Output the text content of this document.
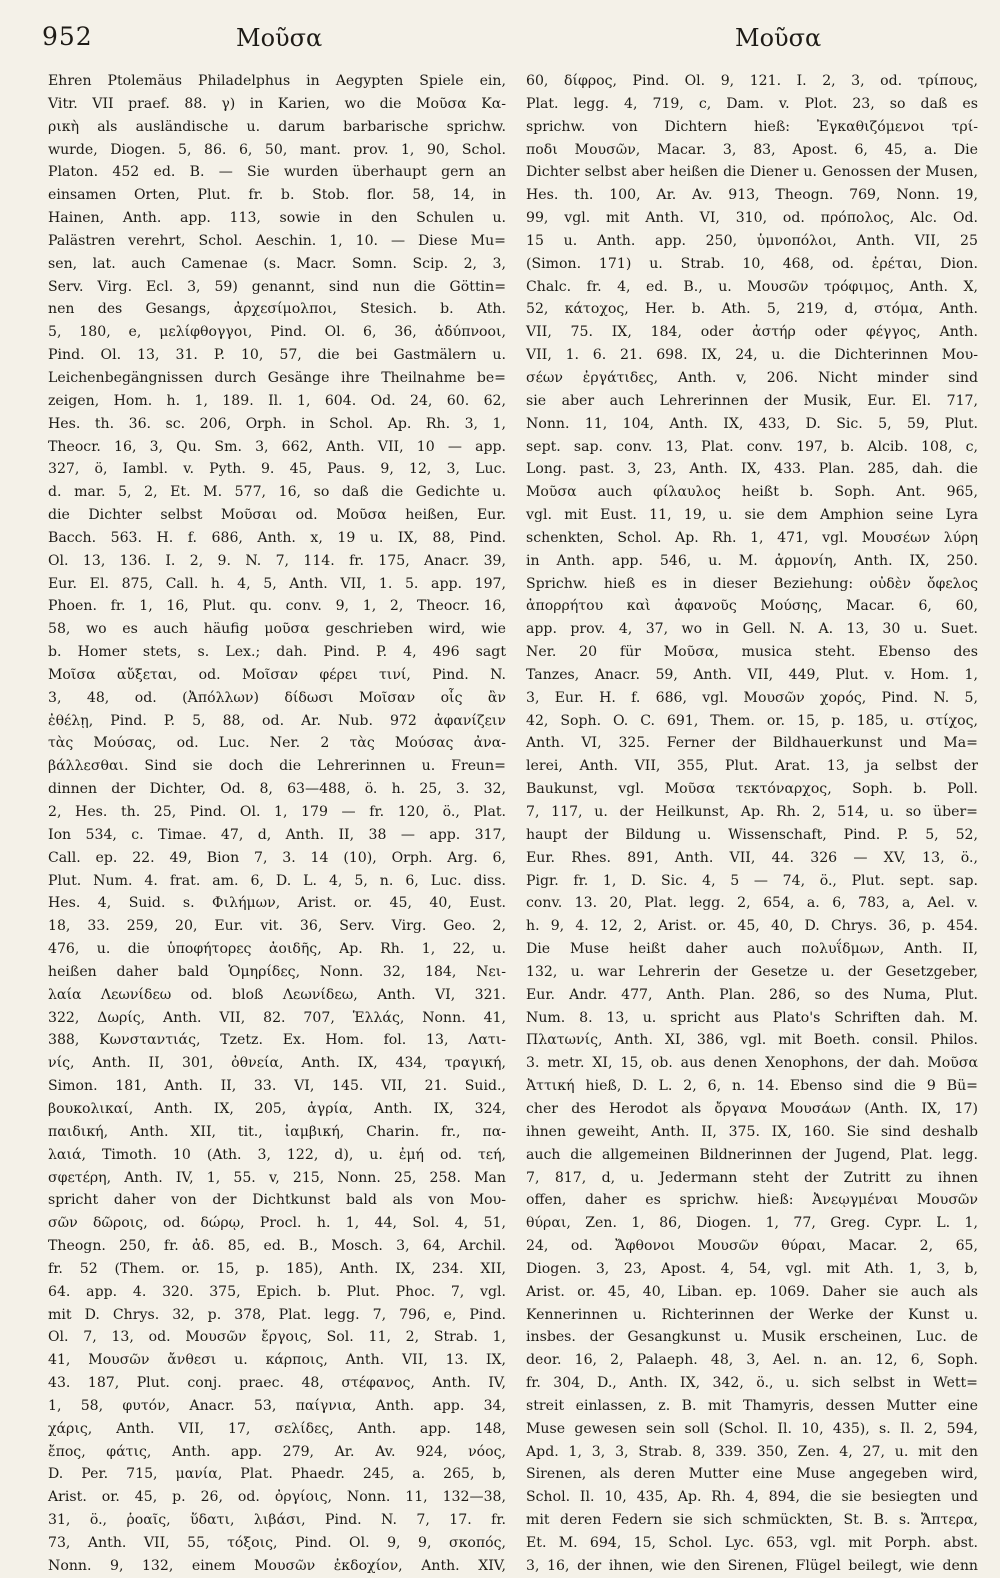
952	Μοῦσα	Μοῦσα
Ehren Ptolemäus Philadelphus in Aegypten Spiele ein,
Vitr. VII praef. 88. γ) in Karien, wo die Μοῦσα Κα-
ρικὴ als ausländische u. darum barbarische sprichw.
wurde, Diogen. 5, 86. 6, 50, mant. prov. 1, 90, Schol.
Platon. 452 ed. B. — Sie wurden überhaupt gern an
einsamen Orten, Plut. fr. b. Stob. flor. 58, 14, in
Hainen, Anth. app. 113, sowie in den Schulen u.
Palästren verehrt, Schol. Aeschin. 1, 10. — Diese Mu=
sen, lat. auch Camenae (s. Macr. Somn. Scip. 2, 3,
Serv. Virg. Ecl. 3, 59) genannt, sind nun die Göttin=
nen des Gesangs, ἀρχεσίμολποι, Stesich. b. Ath.
5, 180, e, μελίφθογγοι, Pind. Ol. 6, 36, ἀδύπνοοι,
Pind. Ol. 13, 31. P. 10, 57, die bei Gastmälern u.
Leichenbegängnissen durch Gesänge ihre Theilnahme be=
zeigen, Hom. h. 1, 189. Il. 1, 604. Od. 24, 60. 62,
Hes. th. 36. sc. 206, Orph. in Schol. Ap. Rh. 3, 1,
Theocr. 16, 3, Qu. Sm. 3, 662, Anth. VII, 10 — app.
327, ö, Iambl. v. Pyth. 9. 45, Paus. 9, 12, 3, Luc.
d. mar. 5, 2, Et. M. 577, 16, so daß die Gedichte u.
die Dichter selbst Μοῦσαι od. Μοῦσα heißen, Eur.
Bacch. 563. H. f. 686, Anth. x, 19 u. IX, 88, Pind.
Ol. 13, 136. I. 2, 9. N. 7, 114. fr. 175, Anacr. 39,
Eur. El. 875, Call. h. 4, 5, Anth. VII, 1. 5. app. 197,
Phoen. fr. 1, 16, Plut. qu. conv. 9, 1, 2, Theocr. 16,
58, wo es auch häufig μοῦσα geschrieben wird, wie
b. Homer stets, s. Lex.; dah. Pind. P. 4, 496 sagt
Μοῖσα αὔξεται, od. Μοῖσαν φέρει τινί, Pind. N.
3, 48, od. (Ἀπόλλων) δίδωσι Μοῖσαν οἷς ἂν
ἐθέλῃ, Pind. P. 5, 88, od. Ar. Nub. 972 ἀφανίζειν
τὰς Μούσας, od. Luc. Ner. 2 τὰς Μούσας ἀνα-
βάλλεσθαι. Sind sie doch die Lehrerinnen u. Freun=
dinnen der Dichter, Od. 8, 63—488, ö. h. 25, 3. 32,
2, Hes. th. 25, Pind. Ol. 1, 179 — fr. 120, ö., Plat.
Ion 534, c. Timae. 47, d, Anth. II, 38 — app. 317,
Call. ep. 22. 49, Bion 7, 3. 14 (10), Orph. Arg. 6,
Plut. Num. 4. frat. am. 6, D. L. 4, 5, n. 6, Luc. diss.
Hes. 4, Suid. s. Φιλήμων, Arist. or. 45, 40, Eust.
18, 33. 259, 20, Eur. vit. 36, Serv. Virg. Geo. 2,
476, u. die ὑποφήτορες ἀοιδῆς, Ap. Rh. 1, 22, u.
heißen daher bald Ὁμηρίδες, Nonn. 32, 184, Νει-
λαία Λεωνίδεω od. bloß Λεωνίδεω, Anth. VI, 321.
322, Δωρίς, Anth. VII, 82. 707, Ἑλλάς, Nonn. 41,
388, Κωνσταντιάς, Tzetz. Ex. Hom. fol. 13, Λατι-
νίς, Anth. II, 301, ὀθνεία, Anth. IX, 434, τραγική,
Simon. 181, Anth. II, 33. VI, 145. VII, 21. Suid.,
βουκολικαί, Anth. IX, 205, ἀγρία, Anth. IX, 324,
παιδική, Anth. XII, tit., ἰαμβική, Charin. fr., πα-
λαιά, Timoth. 10 (Ath. 3, 122, d), u. ἐμή od. τεή,
σφετέρη, Anth. IV, 1, 55. v, 215, Nonn. 25, 258. Man
spricht daher von der Dichtkunst bald als von Μου-
σῶν δῶροις, od. δώρῳ, Procl. h. 1, 44, Sol. 4, 51,
Theogn. 250, fr. ἀδ. 85, ed. B., Mosch. 3, 64, Archil.
fr. 52 (Them. or. 15, p. 185), Anth. IX, 234. XII,
64. app. 4. 320. 375, Epich. b. Plut. Phoc. 7, vgl.
mit D. Chrys. 32, p. 378, Plat. legg. 7, 796, e, Pind.
Ol. 7, 13, od. Μουσῶν ἔργοις, Sol. 11, 2, Strab. 1,
41, Μουσῶν ἄνθεσι u. κάρποις, Anth. VII, 13. IX,
43. 187, Plut. conj. praec. 48, στέφανος, Anth. IV,
1, 58, φυτόν, Anacr. 53, παίγνια, Anth. app. 34,
χάρις, Anth. VII, 17, σελίδες, Anth. app. 148,
ἔπος, φάτις, Anth. app. 279, Ar. Av. 924, νόος,
D. Per. 715, μανία, Plat. Phaedr. 245, a. 265, b,
Arist. or. 45, p. 26, od. ὀργίοις, Nonn. 11, 132—38,
31, ö., ῥοαῖς, ὕδατι, λιβάσι, Pind. N. 7, 17. fr.
73, Anth. VII, 55, τόξοις, Pind. Ol. 9, 9, σκοπός,
Nonn. 9, 132, einem Μουσῶν ἐκδοχίον, Anth. XIV,
60, δίφρος, Pind. Ol. 9, 121. I. 2, 3, od. τρίπους,
Plat. legg. 4, 719, c, Dam. v. Plot. 23, so daß es
sprichw. von Dichtern hieß: Ἐγκαθιζόμενοι τρί-
ποδι Μουσῶν, Macar. 3, 83, Apost. 6, 45, a. Die
Dichter selbst aber heißen die Diener u. Genossen der Musen,
Hes. th. 100, Ar. Av. 913, Theogn. 769, Nonn. 19,
99, vgl. mit Anth. VI, 310, od. πρόπολος, Alc. Od.
15 u. Anth. app. 250, ὑμνοπόλοι, Anth. VII, 25
(Simon. 171) u. Strab. 10, 468, od. ἐρέται, Dion.
Chalc. fr. 4, ed. B., u. Μουσῶν τρόφιμος, Anth. X,
52, κάτοχος, Her. b. Ath. 5, 219, d, στόμα, Anth.
VII, 75. IX, 184, oder ἀστήρ oder φέγγος, Anth.
VII, 1. 6. 21. 698. IX, 24, u. die Dichterinnen Μου-
σέων ἐργάτιδες, Anth. v, 206. Nicht minder sind
sie aber auch Lehrerinnen der Musik, Eur. El. 717,
Nonn. 11, 104, Anth. IX, 433, D. Sic. 5, 59, Plut.
sept. sap. conv. 13, Plat. conv. 197, b. Alcib. 108, c,
Long. past. 3, 23, Anth. IX, 433. Plan. 285, dah. die
Μοῦσα auch φίλαυλος heißt b. Soph. Ant. 965,
vgl. mit Eust. 11, 19, u. sie dem Amphion seine Lyra
schenkten, Schol. Ap. Rh. 1, 471, vgl. Μουσέων λύρη
in Anth. app. 546, u. M. ἁρμονίη, Anth. IX, 250.
Sprichw. hieß es in dieser Beziehung: οὐδὲν ὄφελος
ἀπορρήτου καὶ ἀφανοῦς Μούσης, Macar. 6, 60,
app. prov. 4, 37, wo in Gell. N. A. 13, 30 u. Suet.
Ner. 20 für Μοῦσα, musica steht. Ebenso des
Tanzes, Anacr. 59, Anth. VII, 449, Plut. v. Hom. 1,
3, Eur. H. f. 686, vgl. Μουσῶν χορός, Pind. N. 5,
42, Soph. O. C. 691, Them. or. 15, p. 185, u. στίχος,
Anth. VI, 325. Ferner der Bildhauerkunst und Ma=
lerei, Anth. VII, 355, Plut. Arat. 13, ja selbst der
Baukunst, vgl. Μοῦσα τεκτόναρχος, Soph. b. Poll.
7, 117, u. der Heilkunst, Ap. Rh. 2, 514, u. so über=
haupt der Bildung u. Wissenschaft, Pind. P. 5, 52,
Eur. Rhes. 891, Anth. VII, 44. 326 — XV, 13, ö.,
Pigr. fr. 1, D. Sic. 4, 5 — 74, ö., Plut. sept. sap.
conv. 13. 20, Plat. legg. 2, 654, a. 6, 783, a, Ael. v.
h. 9, 4. 12, 2, Arist. or. 45, 40, D. Chrys. 36, p. 454.
Die Muse heißt daher auch πολυΐδμων, Anth. II,
132, u. war Lehrerin der Gesetze u. der Gesetzgeber,
Eur. Andr. 477, Anth. Plan. 286, so des Numa, Plut.
Num. 8. 13, u. spricht aus Plato's Schriften dah. M.
Πλατωνίς, Anth. XI, 386, vgl. mit Boeth. consil. Philos.
3. metr. XI, 15, ob. aus denen Xenophons, der dah. Μοῦσα
Ἀττική hieß, D. L. 2, 6, n. 14. Ebenso sind die 9 Bü=
cher des Herodot als ὄργανα Μουσάων (Anth. IX, 17)
ihnen geweiht, Anth. II, 375. IX, 160. Sie sind deshalb
auch die allgemeinen Bildnerinnen der Jugend, Plat. legg.
7, 817, d, u. Jedermann steht der Zutritt zu ihnen
offen, daher es sprichw. hieß: Ἀνεῳγμέναι Μουσῶν
θύραι, Zen. 1, 86, Diogen. 1, 77, Greg. Cypr. L. 1,
24, od. Ἄφθονοι Μουσῶν θύραι, Macar. 2, 65,
Diogen. 3, 23, Apost. 4, 54, vgl. mit Ath. 1, 3, b,
Arist. or. 45, 40, Liban. ep. 1069. Daher sie auch als
Kennerinnen u. Richterinnen der Werke der Kunst u.
insbes. der Gesangkunst u. Musik erscheinen, Luc. de
deor. 16, 2, Palaeph. 48, 3, Ael. n. an. 12, 6, Soph.
fr. 304, D., Anth. IX, 342, ö., u. sich selbst in Wett=
streit einlassen, z. B. mit Thamyris, dessen Mutter eine
Muse gewesen sein soll (Schol. Il. 10, 435), s. Il. 2, 594,
Apd. 1, 3, 3, Strab. 8, 339. 350, Zen. 4, 27, u. mit den
Sirenen, als deren Mutter eine Muse angegeben wird,
Schol. Il. 10, 435, Ap. Rh. 4, 894, die sie besiegten und
mit deren Federn sie sich schmückten, St. B. s. Ἄπτερα,
Et. M. 694, 15, Schol. Lyc. 653, vgl. mit Porph. abst.
3, 16, der ihnen, wie den Sirenen, Flügel beilegt, wie denn
